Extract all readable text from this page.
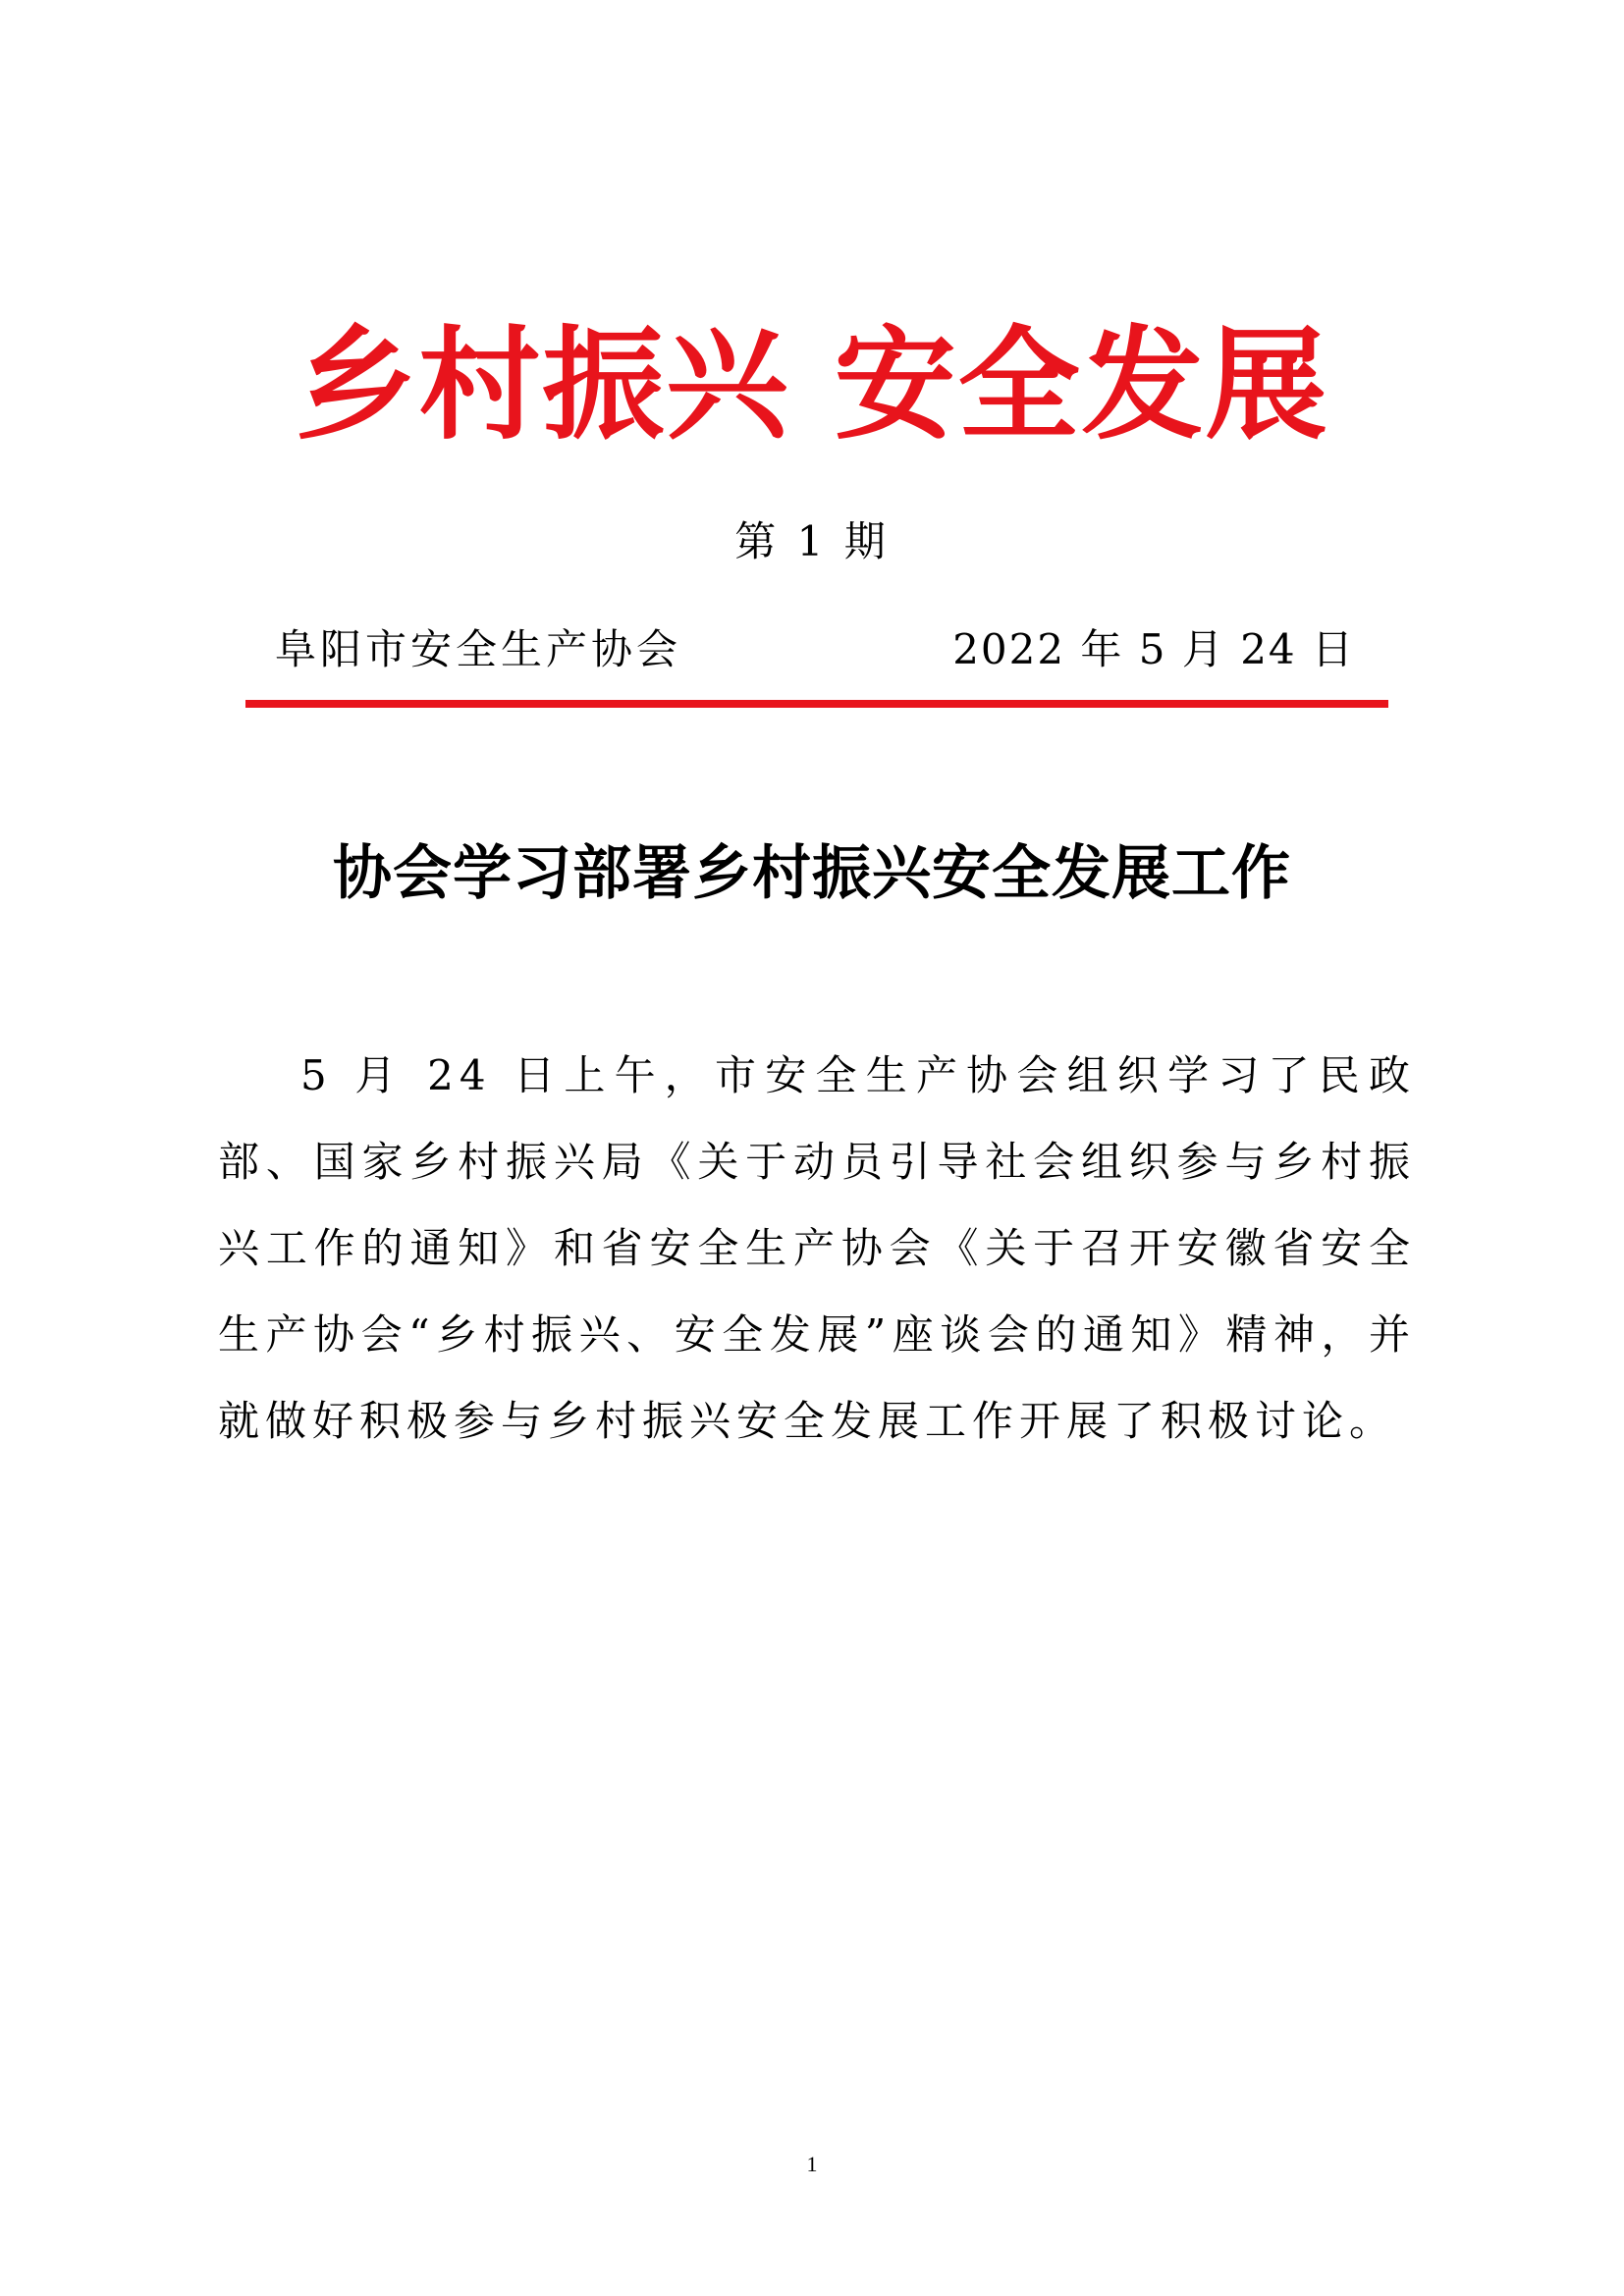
乡村振兴 安全发展
第 1 期
阜阳市安全生产协会	2022 年 5 月 24 日
协会学习部署乡村振兴安全发展工作

5 月 24 日上午，市安全生产协会组织学习了民政部、国家乡村振兴局《关于动员引导社会组织参与乡村振兴工作的通知》和省安全生产协会《关于召开安徽省安全生产协会“乡村振兴、安全发展”座谈会的通知》精神，并就做好积极参与乡村振兴安全发展工作开展了积极讨论。

1
